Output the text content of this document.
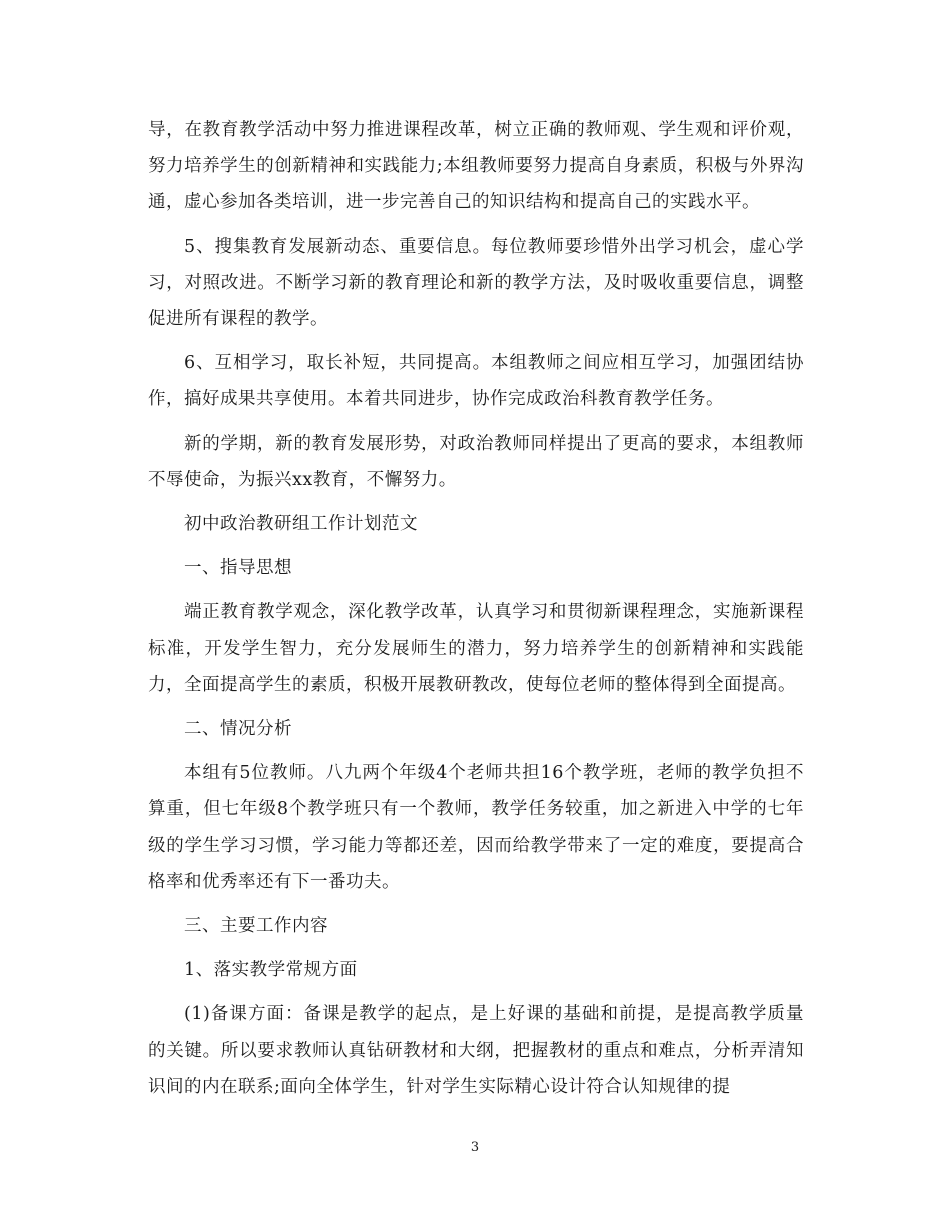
导，在教育教学活动中努力推进课程改革，树立正确的教师观、学生观和评价观，努力培养学生的创新精神和实践能力;本组教师要努力提高自身素质，积极与外界沟通，虚心参加各类培训，进一步完善自己的知识结构和提高自己的实践水平。

5、搜集教育发展新动态、重要信息。每位教师要珍惜外出学习机会，虚心学习，对照改进。不断学习新的教育理论和新的教学方法，及时吸收重要信息，调整促进所有课程的教学。

6、互相学习，取长补短，共同提高。本组教师之间应相互学习，加强团结协作，搞好成果共享使用。本着共同进步，协作完成政治科教育教学任务。

新的学期，新的教育发展形势，对政治教师同样提出了更高的要求，本组教师不辱使命，为振兴xx教育，不懈努力。

初中政治教研组工作计划范文

一、指导思想

端正教育教学观念，深化教学改革，认真学习和贯彻新课程理念，实施新课程标准，开发学生智力，充分发展师生的潜力，努力培养学生的创新精神和实践能力，全面提高学生的素质，积极开展教研教改，使每位老师的整体得到全面提高。

二、情况分析

本组有5位教师。八九两个年级4个老师共担16个教学班，老师的教学负担不算重，但七年级8个教学班只有一个教师，教学任务较重，加之新进入中学的七年级的学生学习习惯，学习能力等都还差，因而给教学带来了一定的难度，要提高合格率和优秀率还有下一番功夫。

三、主要工作内容

1、落实教学常规方面

(1)备课方面：备课是教学的起点，是上好课的基础和前提，是提高教学质量的关键。所以要求教师认真钻研教材和大纲，把握教材的重点和难点，分析弄清知识间的内在联系;面向全体学生，针对学生实际精心设计符合认知规律的提

3
